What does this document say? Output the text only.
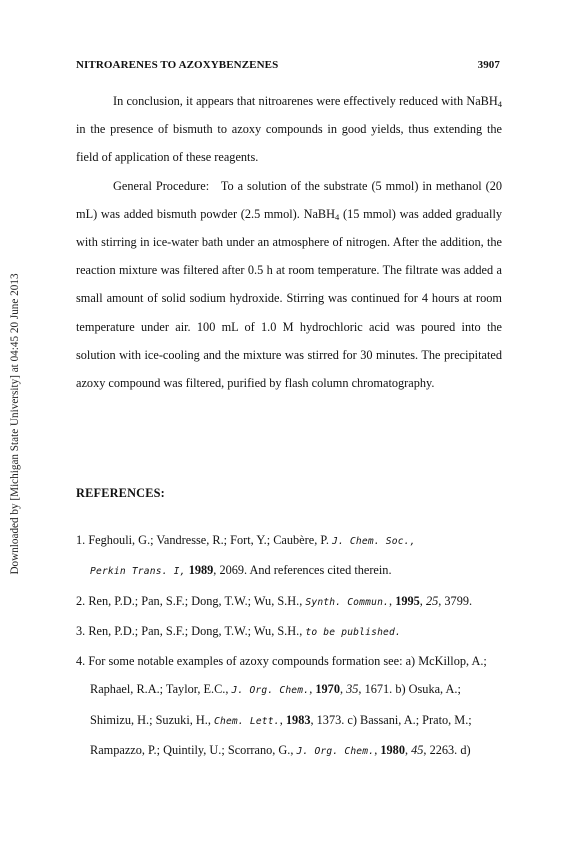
Downloaded by [Michigan State University] at 04:45 20 June 2013
NITROARENES TO AZOXYBENZENES	3907

In conclusion, it appears that nitroarenes were effectively reduced with NaBH$_4$ in the presence of bismuth to azoxy compounds in good yields, thus extending the field of application of these reagents.

General Procedure: To a solution of the substrate (5 mmol) in methanol (20 mL) was added bismuth powder (2.5 mmol). NaBH$_4$ (15 mmol) was added gradually with stirring in ice-water bath under an atmosphere of nitrogen. After the addition, the reaction mixture was filtered after 0.5 h at room temperature. The filtrate was added a small amount of solid sodium hydroxide. Stirring was continued for 4 hours at room temperature under air. 100 mL of 1.0 M hydrochloric acid was poured into the solution with ice-cooling and the mixture was stirred for 30 minutes. The precipitated azoxy compound was filtered, purified by flash column chromatography.

REFERENCES:

1. Feghouli, G.; Vandresse, R.; Fort, Y.; Caubère, P. J. Chem. Soc.,
Perkin Trans. I, 1989, 2069. And references cited therein.

2. Ren, P.D.; Pan, S.F.; Dong, T.W.; Wu, S.H., Synth. Commun., 1995, 25, 3799.

3. Ren, P.D.; Pan, S.F.; Dong, T.W.; Wu, S.H., to be published.

4. For some notable examples of azoxy compounds formation see: a) McKillop, A.; Raphael, R.A.; Taylor, E.C., J. Org. Chem., 1970, 35, 1671. b) Osuka, A.; Shimizu, H.; Suzuki, H., Chem. Lett., 1983, 1373. c) Bassani, A.; Prato, M.; Rampazzo, P.; Quintily, U.; Scorrano, G., J. Org. Chem., 1980, 45, 2263. d)
